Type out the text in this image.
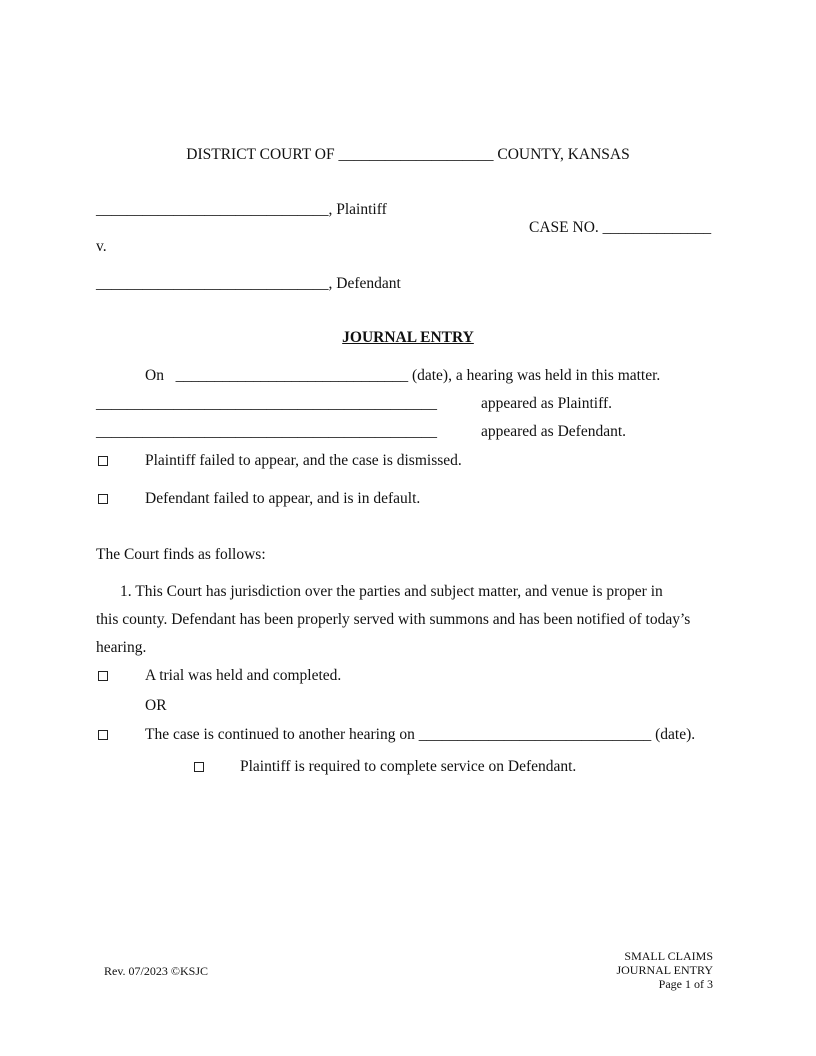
DISTRICT COURT OF ____________________ COUNTY, KANSAS
______________________________, Plaintiff
CASE NO. ______________
v.
______________________________, Defendant
JOURNAL ENTRY
On ______________________________ (date), a hearing was held in this matter.
____________________________________________	appeared as Plaintiff.
____________________________________________	appeared as Defendant.
Plaintiff failed to appear, and the case is dismissed.
Defendant failed to appear, and is in default.
The Court finds as follows:
1. This Court has jurisdiction over the parties and subject matter, and venue is proper in
this county. Defendant has been properly served with summons and has been notified of today’s
hearing.
A trial was held and completed.
OR
The case is continued to another hearing on ______________________________ (date).
Plaintiff is required to complete service on Defendant.
Rev. 07/2023 ©KSJC
SMALL CLAIMS
JOURNAL ENTRY
Page 1 of 3
